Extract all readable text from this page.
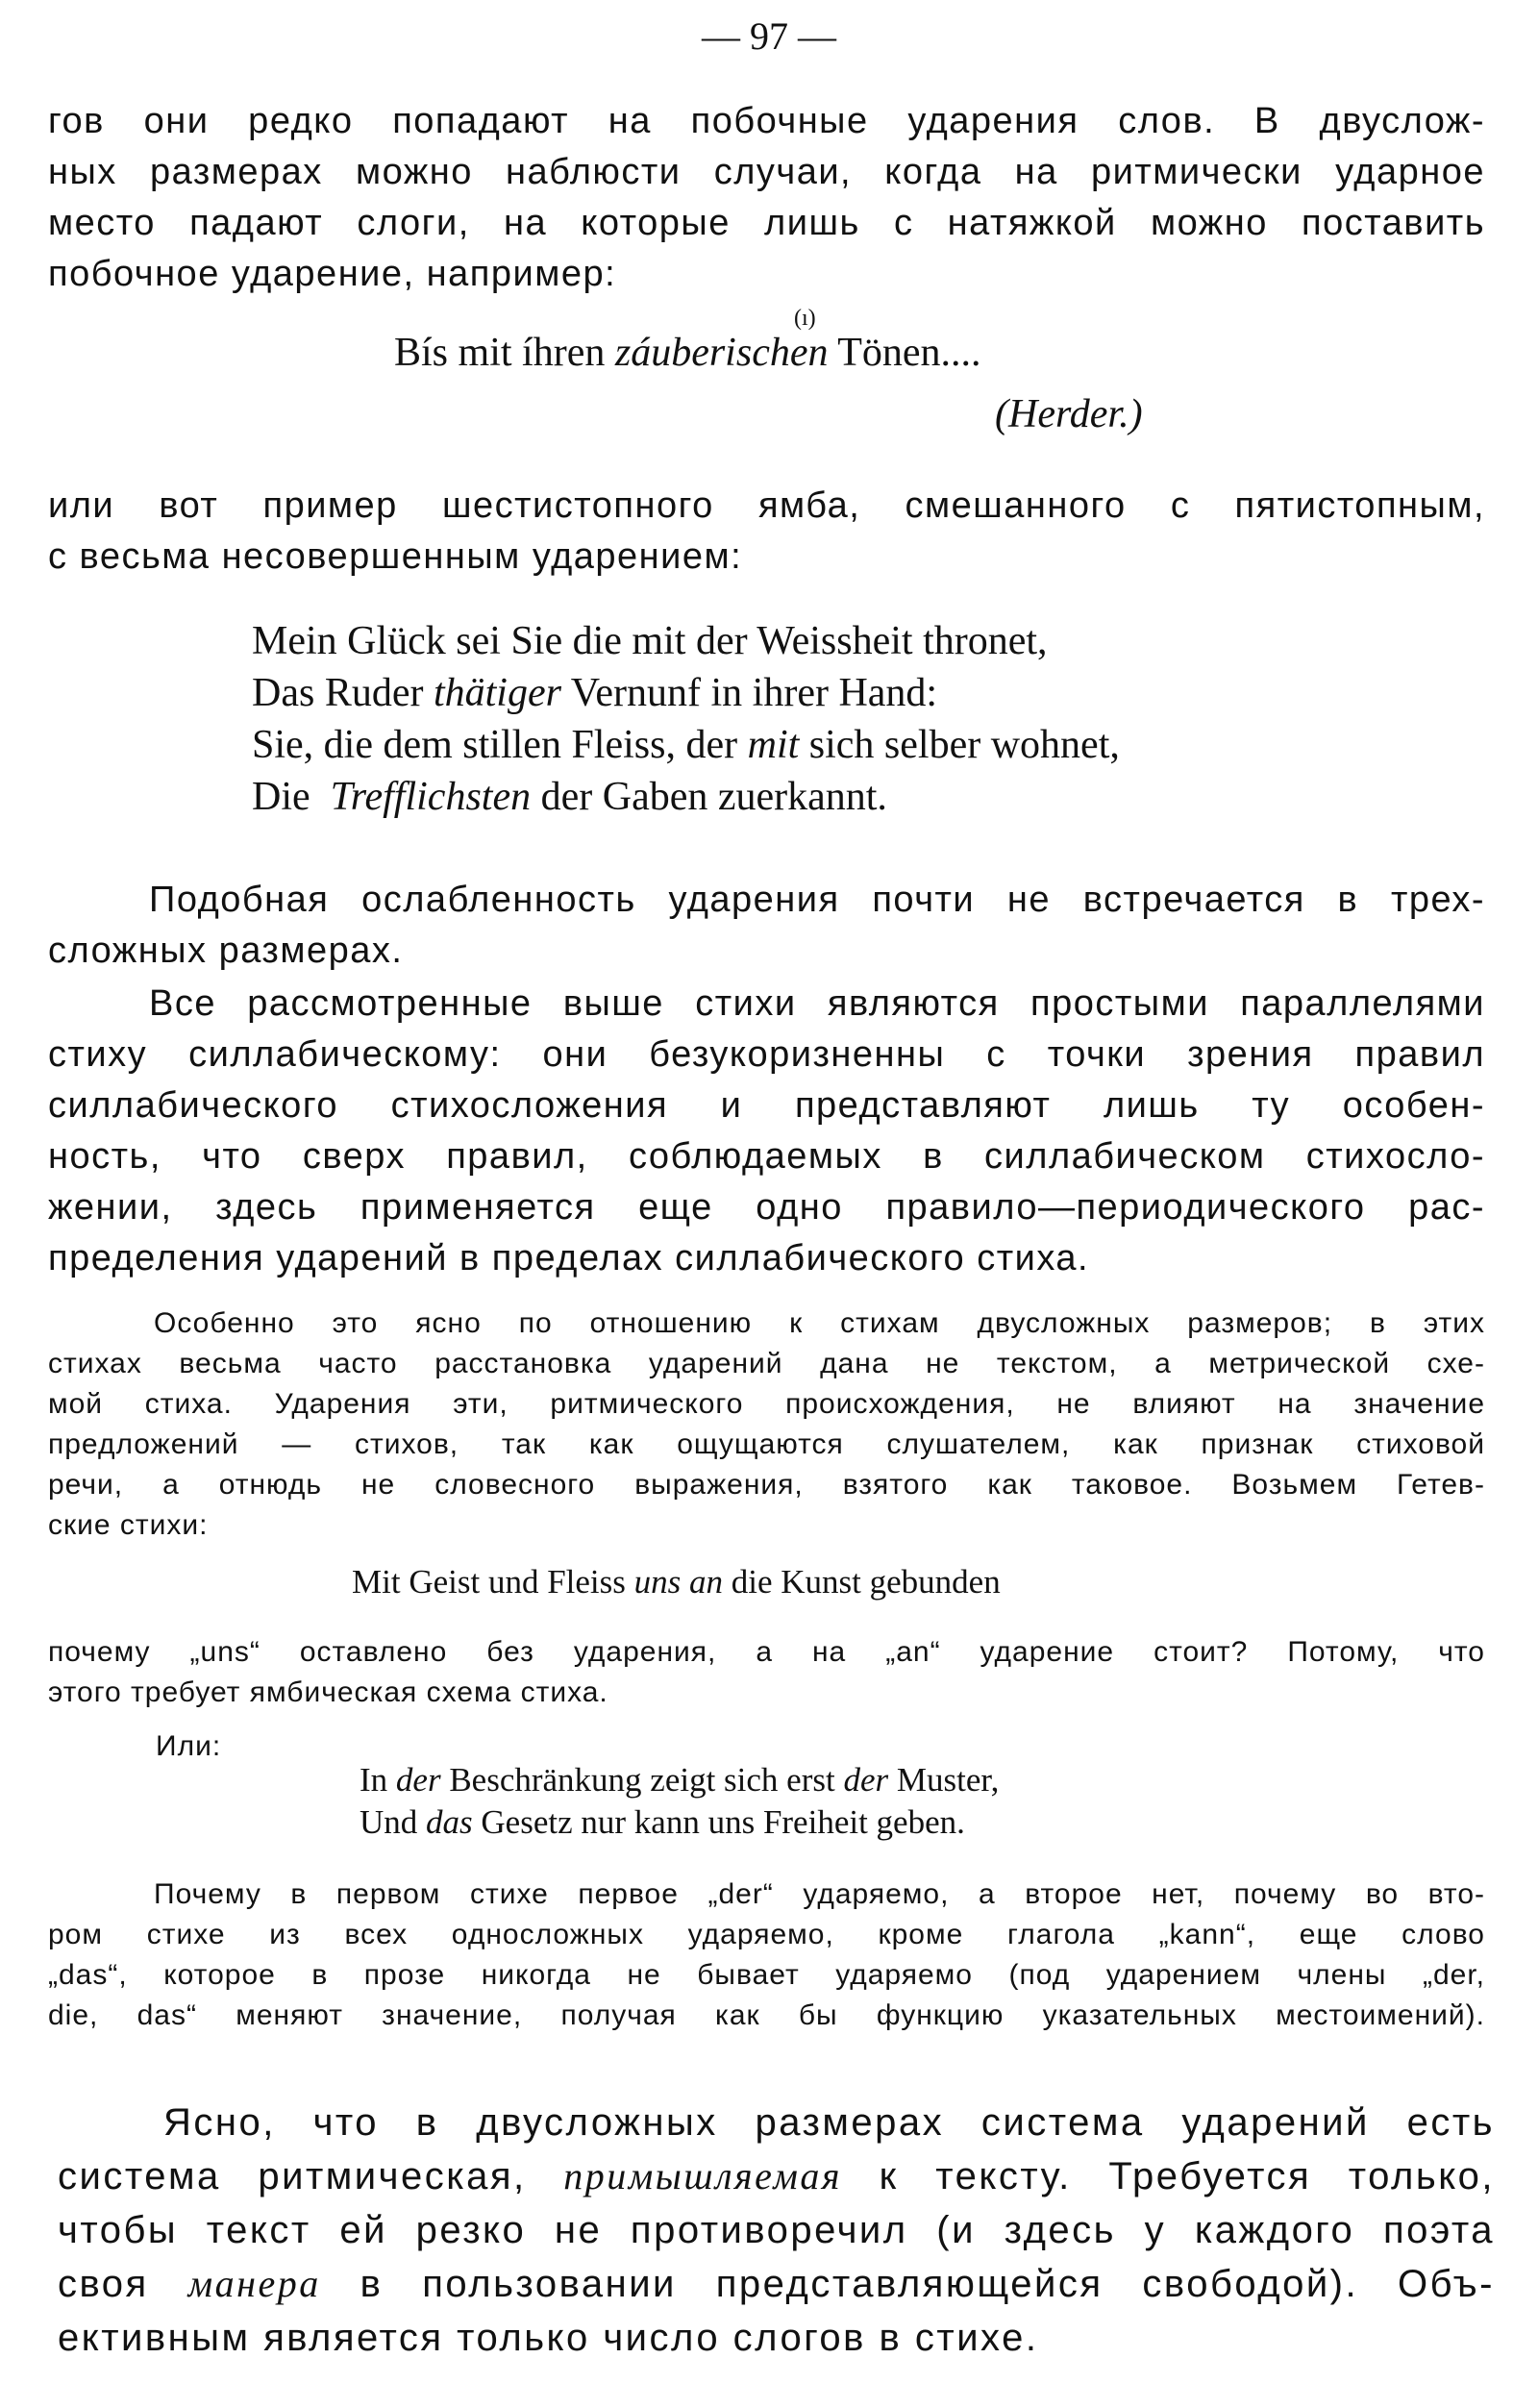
— 97 —
гов они редко попадают на побочные ударения слов. В двуслож-
ных размерах можно наблюсти случаи, когда на ритмически ударное
место падают слоги, на которые лишь с натяжкой можно поставить
побочное ударение, например:
(ı)
Bís mit íhren záuberischen Tönen....
(Herder.)
или вот пример шестистопного ямба, смешанного с пятистопным,
с весьма несовершенным ударением:
Mein Glück sei Sie die mit der Weissheit thronet,
Das Ruder thätiger Vernunf in ihrer Hand:
Sie, die dem stillen Fleiss, der mit sich selber wohnet,
Die  Trefflichsten der Gaben zuerkannt.
Подобная ослабленность ударения почти не встречается в трех-
сложных размерах.
Все рассмотренные выше стихи являются простыми параллелями
стиху силлабическому: они безукоризненны с точки зрения правил
силлабического стихосложения и представляют лишь ту особен-
ность, что сверх правил, соблюдаемых в силлабическом стихосло-
жении, здесь применяется еще одно правило—периодического рас-
пределения ударений в пределах силлабического стиха.
Особенно это ясно по отношению к стихам двусложных размеров; в этих
стихах весьма часто расстановка ударений дана не текстом, а метрической схе-
мой стиха. Ударения эти, ритмического происхождения, не влияют на значение
предложений — стихов, так как ощущаются слушателем, как признак стиховой
речи, а отнюдь не словесного выражения, взятого как таковое. Возьмем Гетев-
ские стихи:
Mit Geist und Fleiss uns an die Kunst gebunden
почему „uns“ оставлено без ударения, а на „an“ ударение стоит? Потому, что
этого требует ямбическая схема стиха.
Или:
In der Beschränkung zeigt sich erst der Muster,
Und das Gesetz nur kann uns Freiheit geben.
Почему в первом стихе первое „der“ ударяемо, а второе нет, почему во вто-
ром стихе из всех односложных ударяемо, кроме глагола „kann“, еще слово
„das“, которое в прозе никогда не бывает ударяемо (под ударением члены „der,
die, das“ меняют значение, получая как бы функцию указательных местоимений).
Ясно, что в двусложных размерах система ударений есть
система ритмическая, примышляемая к тексту. Требуется только,
чтобы текст ей резко не противоречил (и здесь у каждого поэта
своя манера в пользовании представляющейся свободой). Объ-
ективным является только число слогов в стихе.
